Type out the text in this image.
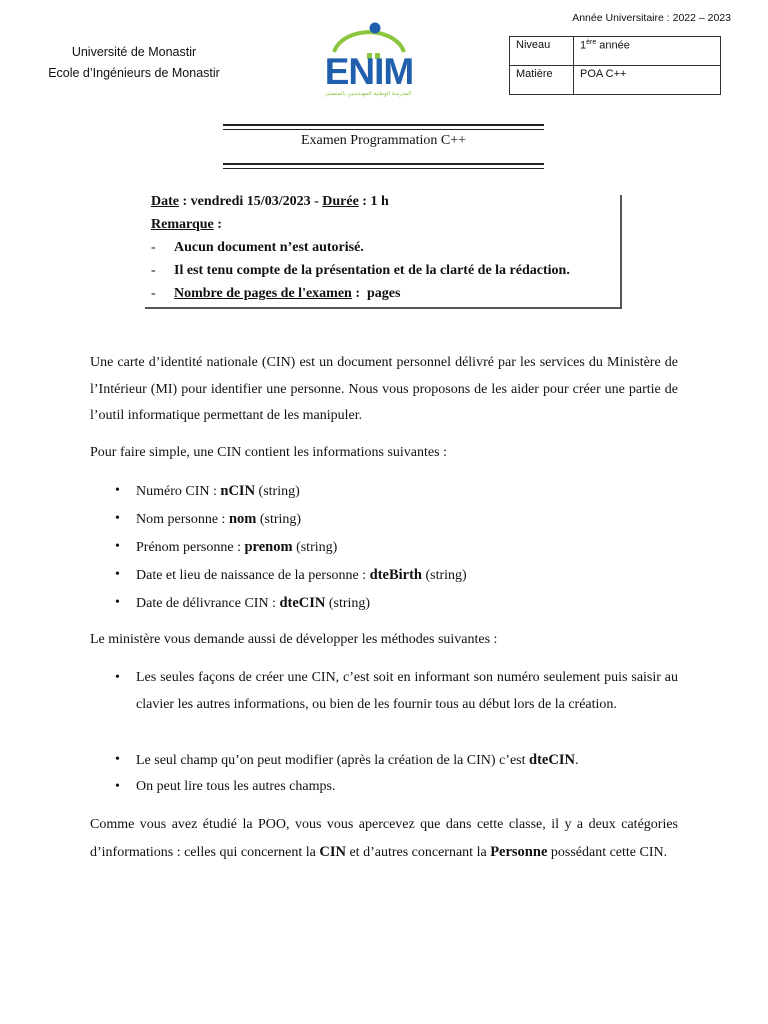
Année Universitaire : 2022 – 2023
Université de Monastir
Ecole d’Ingénieurs de Monastir	ENIM
المدرسة الوطنية للمهندسين بالمنستير
Niveau	1ère année
Matière	POA C++
Examen Programmation C++
Date : vendredi 15/03/2023 - Durée : 1 h
Remarque :
- Aucun document n’est autorisé.
- Il est tenu compte de la présentation et de la clarté de la rédaction.
- Nombre de pages de l'examen :  pages
Une carte d’identité nationale (CIN) est un document personnel délivré par les services du Ministère de l’Intérieur (MI) pour identifier une personne. Nous vous proposons de les aider pour créer une partie de l’outil informatique permettant de les manipuler.
Pour faire simple, une CIN contient les informations suivantes :
• Numéro CIN : nCIN (string)
• Nom personne : nom (string)
• Prénom personne : prenom (string)
• Date et lieu de naissance de la personne : dteBirth (string)
• Date de délivrance CIN : dteCIN (string)
Le ministère vous demande aussi de développer les méthodes suivantes :
• Les seules façons de créer une CIN, c’est soit en informant son numéro seulement puis saisir au clavier les autres informations, ou bien de les fournir tous au début lors de la création.
• Le seul champ qu’on peut modifier (après la création de la CIN) c’est dteCIN.
• On peut lire tous les autres champs.
Comme vous avez étudié la POO, vous vous apercevez que dans cette classe, il y a deux catégories d’informations : celles qui concernent la CIN et d’autres concernant la Personne possédant cette CIN.
